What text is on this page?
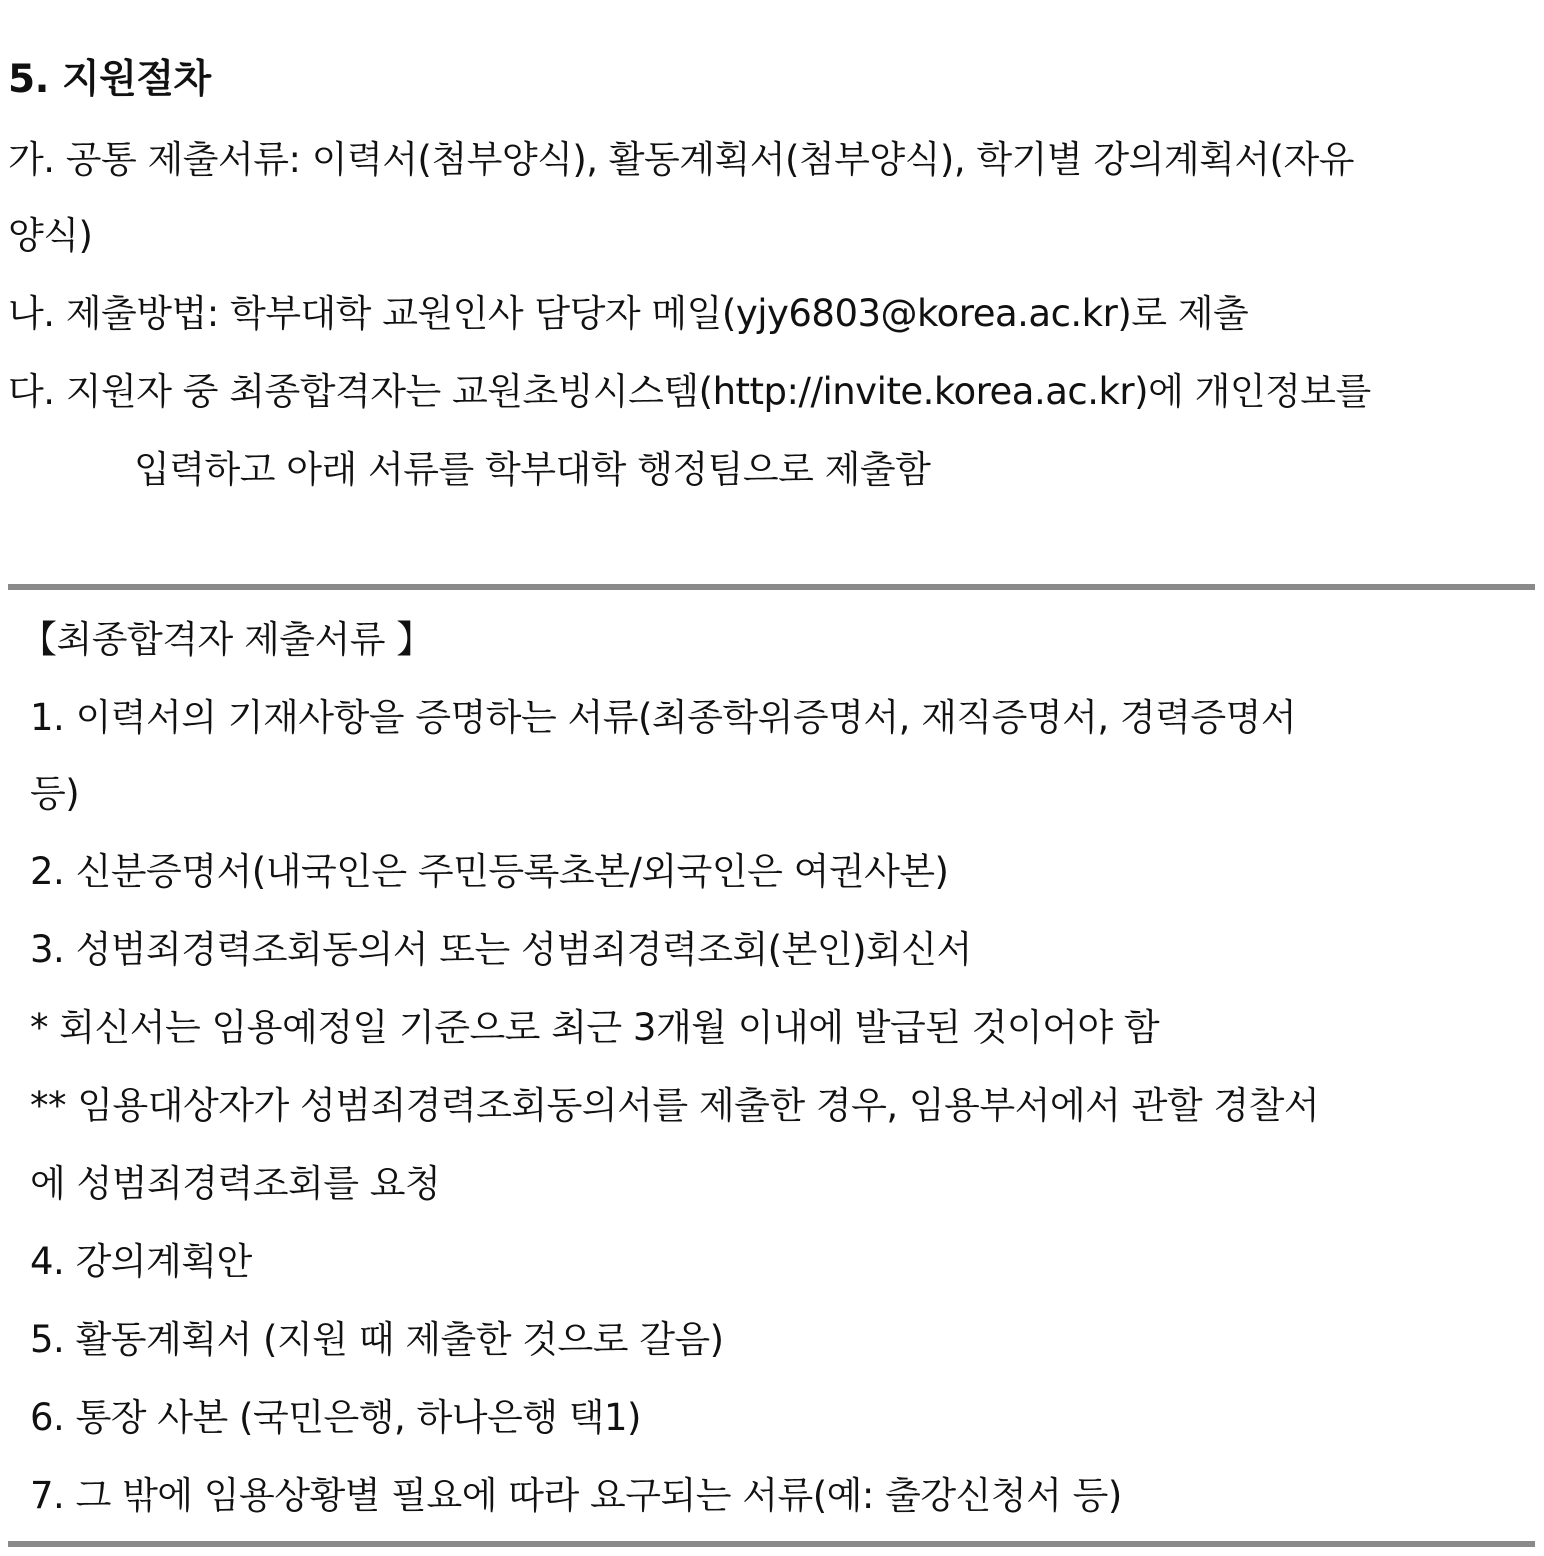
5. 지원절차
가. 공통 제출서류: 이력서(첨부양식), 활동계획서(첨부양식), 학기별 강의계획서(자유
양식)
나. 제출방법: 학부대학 교원인사 담당자 메일(yjy6803@korea.ac.kr)로 제출
다. 지원자 중 최종합격자는 교원초빙시스템(http://invite.korea.ac.kr)에 개인정보를
입력하고 아래 서류를 학부대학 행정팀으로 제출함
【최종합격자 제출서류 】
1. 이력서의 기재사항을 증명하는 서류(최종학위증명서, 재직증명서, 경력증명서
등)
2. 신분증명서(내국인은 주민등록초본/외국인은 여권사본)
3. 성범죄경력조회동의서 또는 성범죄경력조회(본인)회신서
* 회신서는 임용예정일 기준으로 최근 3개월 이내에 발급된 것이어야 함
** 임용대상자가 성범죄경력조회동의서를 제출한 경우, 임용부서에서 관할 경찰서
에 성범죄경력조회를 요청
4. 강의계획안
5. 활동계획서 (지원 때 제출한 것으로 갈음)
6. 통장 사본 (국민은행, 하나은행 택1)
7. 그 밖에 임용상황별 필요에 따라 요구되는 서류(예: 출강신청서 등)
